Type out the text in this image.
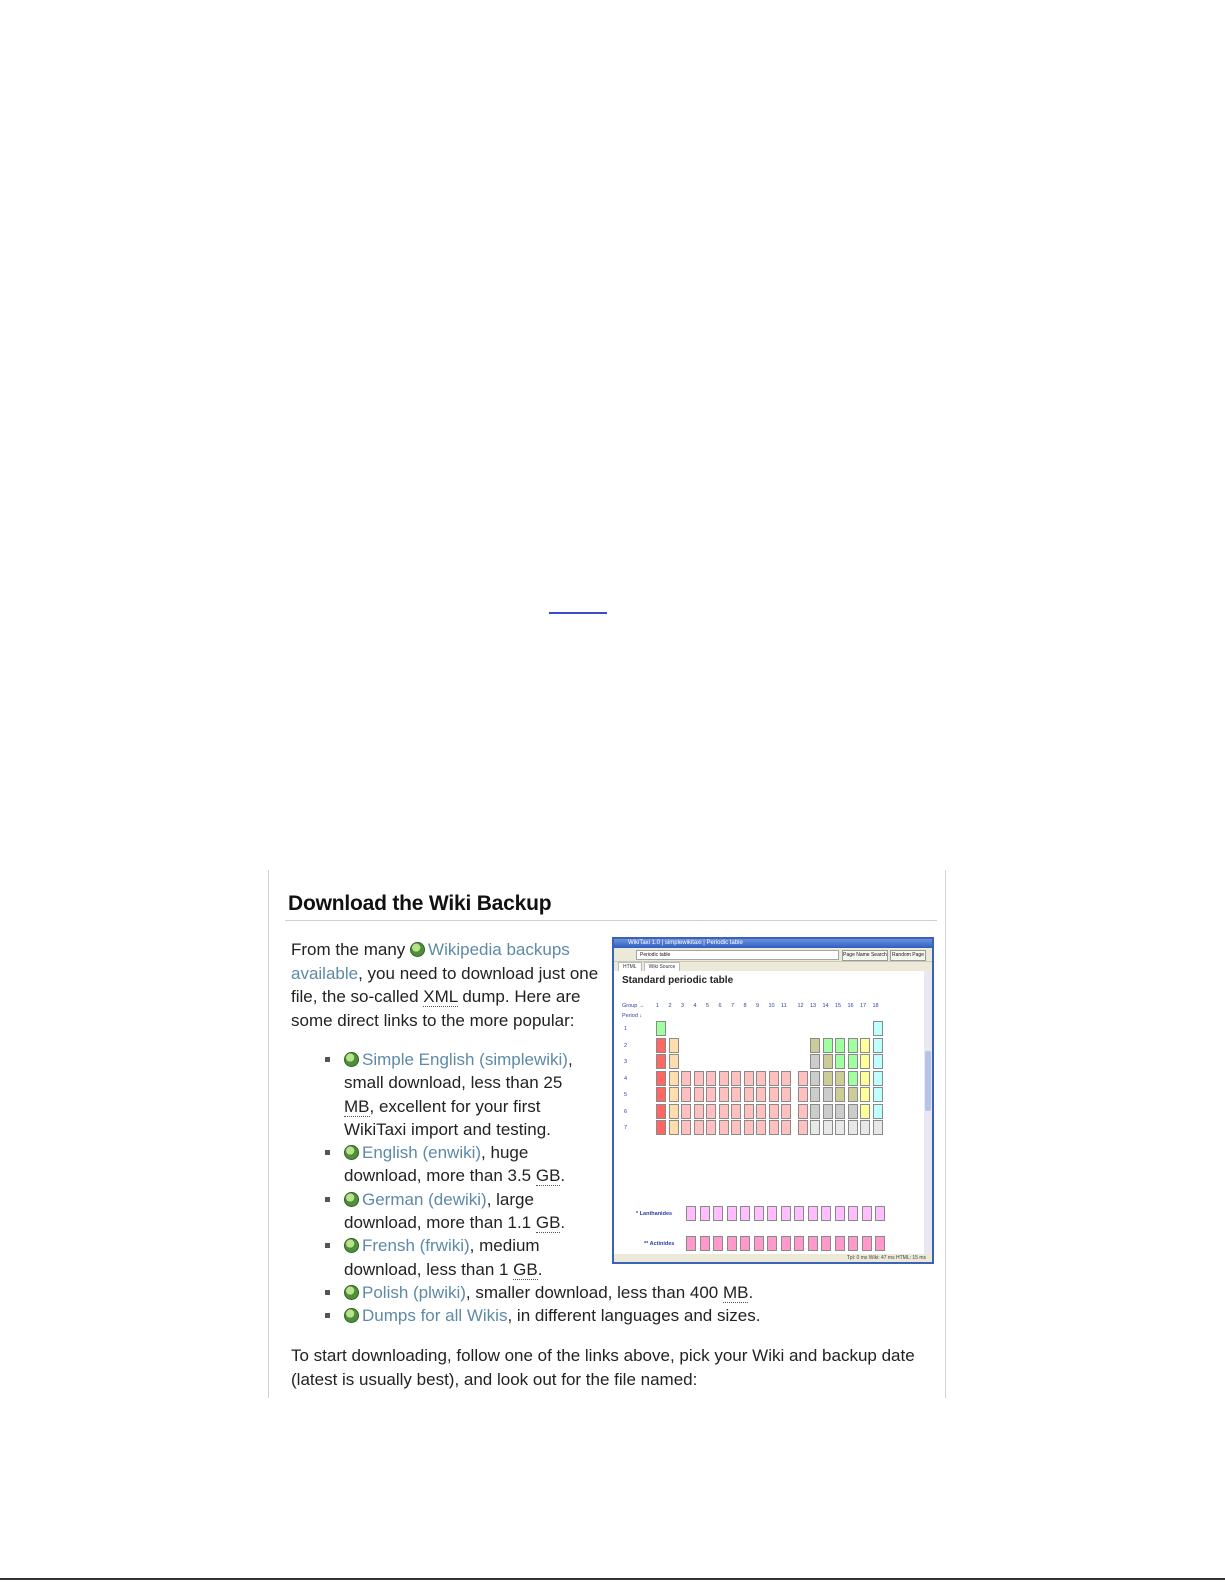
Download the Wiki Backup
From the many Wikipedia backups available, you need to download just one file, the so-called XML dump. Here are some direct links to the more popular:
Simple English (simplewiki), small download, less than 25 MB, excellent for your first WikiTaxi import and testing.
English (enwiki), huge download, more than 3.5 GB.
German (dewiki), large download, more than 1.1 GB.
Frensh (frwiki), medium download, less than 1 GB.
Polish (plwiki), smaller download, less than 400 MB.
Dumps for all Wikis, in different languages and sizes.
To start downloading, follow one of the links above, pick your Wiki and backup date (latest is usually best), and look out for the file named:
WikiTaxi 1.0 | simplewikitaxi | Periodic table
Periodic table	Page Name Search	Random Page
HTML Wiki Source
Standard periodic table
Group →
Period ↓
* Lanthanides
** Actinides
1 2 3 4 5 6 7 8 9 10 11 12 13 14 15 16 17 18
1
2
3
4
5
6
7
Tpl: 0 ms Wiki: 47 ms HTML: 15 ms
